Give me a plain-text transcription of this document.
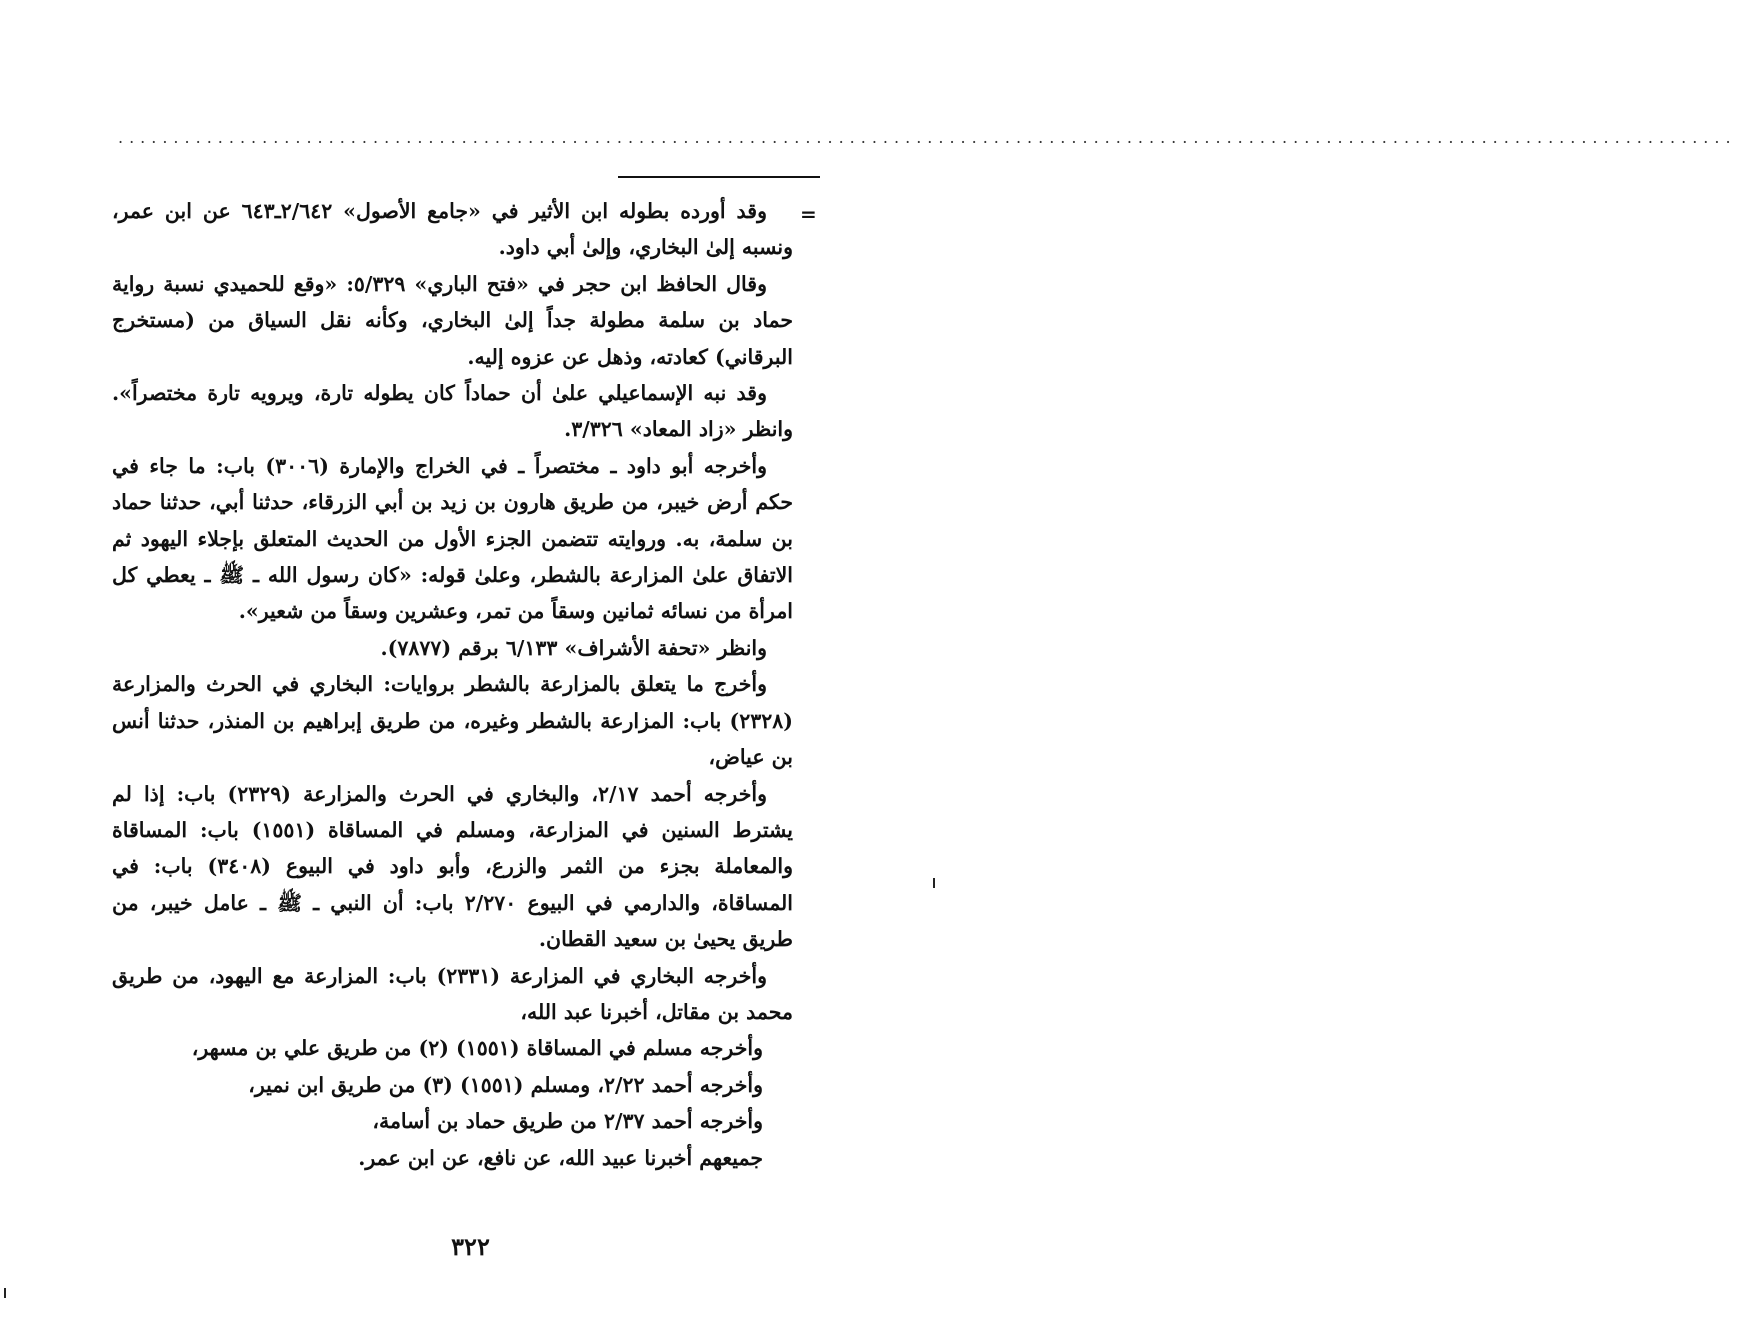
..................................................................................................................................................
=

وقد أورده بطوله ابن الأثير في «جامع الأصول» ٢/٦٤٢ـ٦٤٣ عن ابن عمر، ونسبه إلىٰ البخاري، وإلىٰ أبي داود.

وقال الحافظ ابن حجر في «فتح الباري» ٥/٣٢٩: «وقع للحميدي نسبة رواية حماد بن سلمة مطولة جداً إلىٰ البخاري، وكأنه نقل السياق من (مستخرج البرقاني) كعادته، وذهل عن عزوه إليه.

وقد نبه الإسماعيلي علىٰ أن حماداً كان يطوله تارة، ويرويه تارة مختصراً». وانظر «زاد المعاد» ٣/٣٢٦.

وأخرجه أبو داود ـ مختصراً ـ في الخراج والإمارة (٣٠٠٦) باب: ما جاء في حكم أرض خيبر، من طريق هارون بن زيد بن أبي الزرقاء، حدثنا أبي، حدثنا حماد بن سلمة، به. وروايته تتضمن الجزء الأول من الحديث المتعلق بإجلاء اليهود ثم الاتفاق علىٰ المزارعة بالشطر، وعلىٰ قوله: «كان رسول الله ـ ﷺ ـ يعطي كل امرأة من نسائه ثمانين وسقاً من تمر، وعشرين وسقاً من شعير».

وانظر «تحفة الأشراف» ٦/١٣٣ برقم (٧٨٧٧).

وأخرج ما يتعلق بالمزارعة بالشطر بروايات: البخاري في الحرث والمزارعة (٢٣٢٨) باب: المزارعة بالشطر وغيره، من طريق إبراهيم بن المنذر، حدثنا أنس بن عياض،

وأخرجه أحمد ٢/١٧، والبخاري في الحرث والمزارعة (٢٣٢٩) باب: إذا لم يشترط السنين في المزارعة، ومسلم في المساقاة (١٥٥١) باب: المساقاة والمعاملة بجزء من الثمر والزرع، وأبو داود في البيوع (٣٤٠٨) باب: في المساقاة، والدارمي في البيوع ٢/٢٧٠ باب: أن النبي ـ ﷺ ـ عامل خيبر، من طريق يحيىٰ بن سعيد القطان.

وأخرجه البخاري في المزارعة (٢٣٣١) باب: المزارعة مع اليهود، من طريق محمد بن مقاتل، أخبرنا عبد الله،

وأخرجه مسلم في المساقاة (١٥٥١) (٢) من طريق علي بن مسهر،

وأخرجه أحمد ٢/٢٢، ومسلم (١٥٥١) (٣) من طريق ابن نمير،

وأخرجه أحمد ٢/٣٧ من طريق حماد بن أسامة،

جميعهم أخبرنا عبيد الله، عن نافع، عن ابن عمر.

٣٢٢
